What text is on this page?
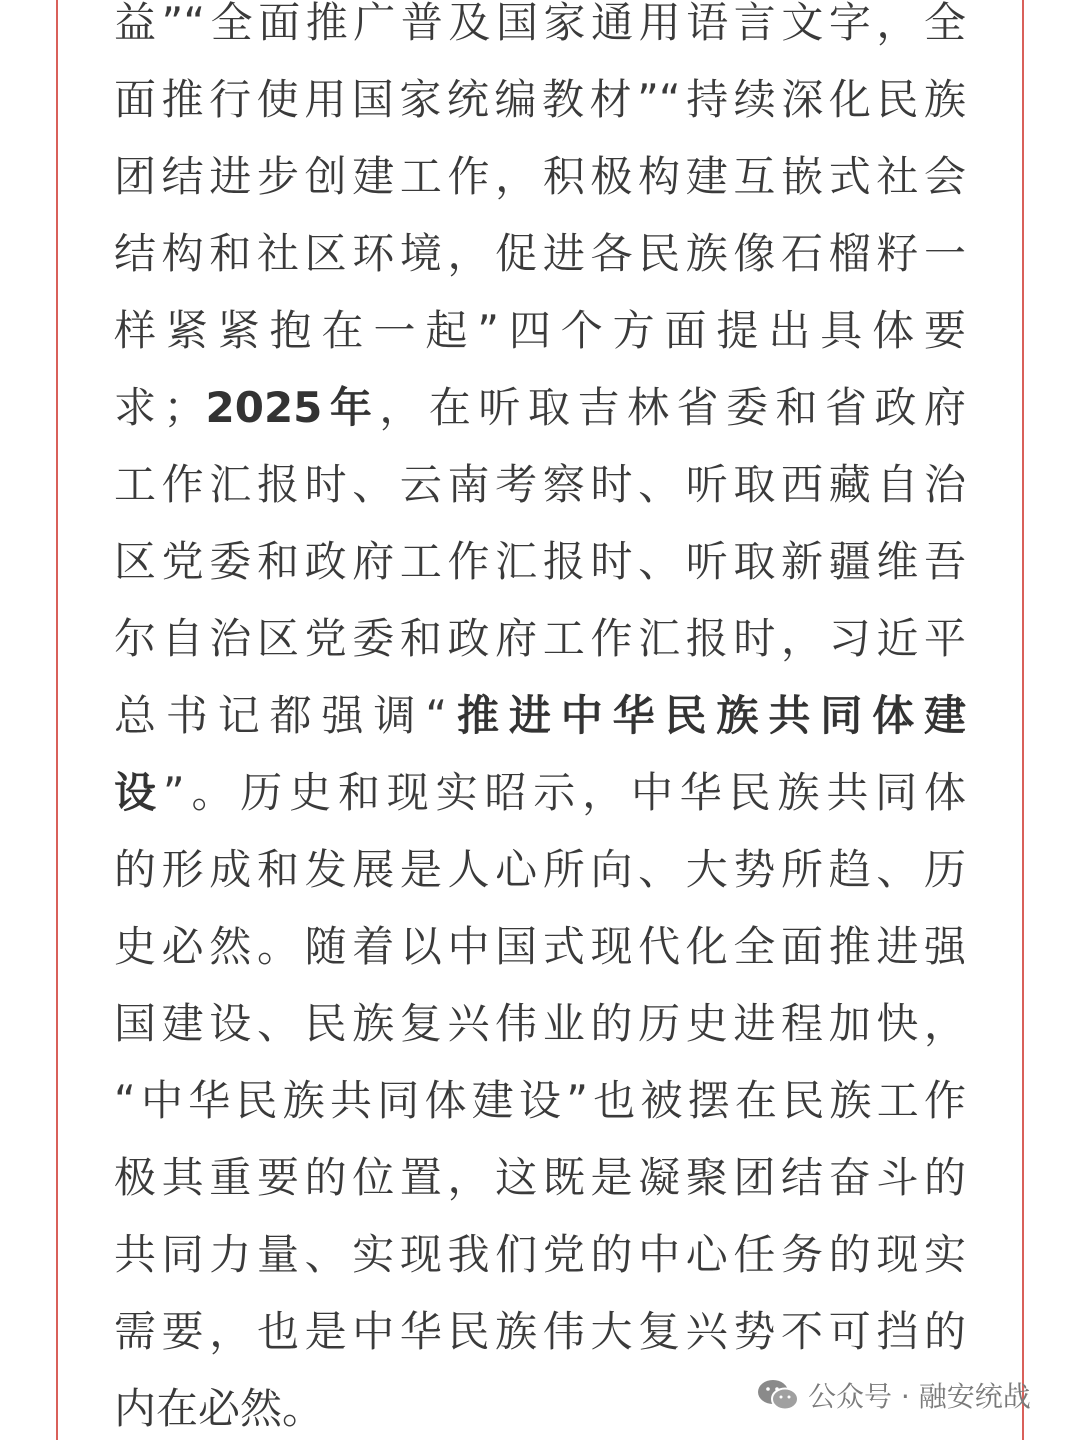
益”“全面推广普及国家通用语言文字，全
面推行使用国家统编教材”“持续深化民族
团结进步创建工作，积极构建互嵌式社会
结构和社区环境，促进各民族像石榴籽一
样紧紧抱在一起”四个方面提出具体要
求；2025年，在听取吉林省委和省政府
工作汇报时、云南考察时、听取西藏自治
区党委和政府工作汇报时、听取新疆维吾
尔自治区党委和政府工作汇报时，习近平
总书记都强调“推进中华民族共同体建
设”。历史和现实昭示，中华民族共同体
的形成和发展是人心所向、大势所趋、历
史必然。随着以中国式现代化全面推进强
国建设、民族复兴伟业的历史进程加快，
“中华民族共同体建设”也被摆在民族工作
极其重要的位置，这既是凝聚团结奋斗的
共同力量、实现我们党的中心任务的现实
需要，也是中华民族伟大复兴势不可挡的
内在必然。	公众号 · 融安统战
